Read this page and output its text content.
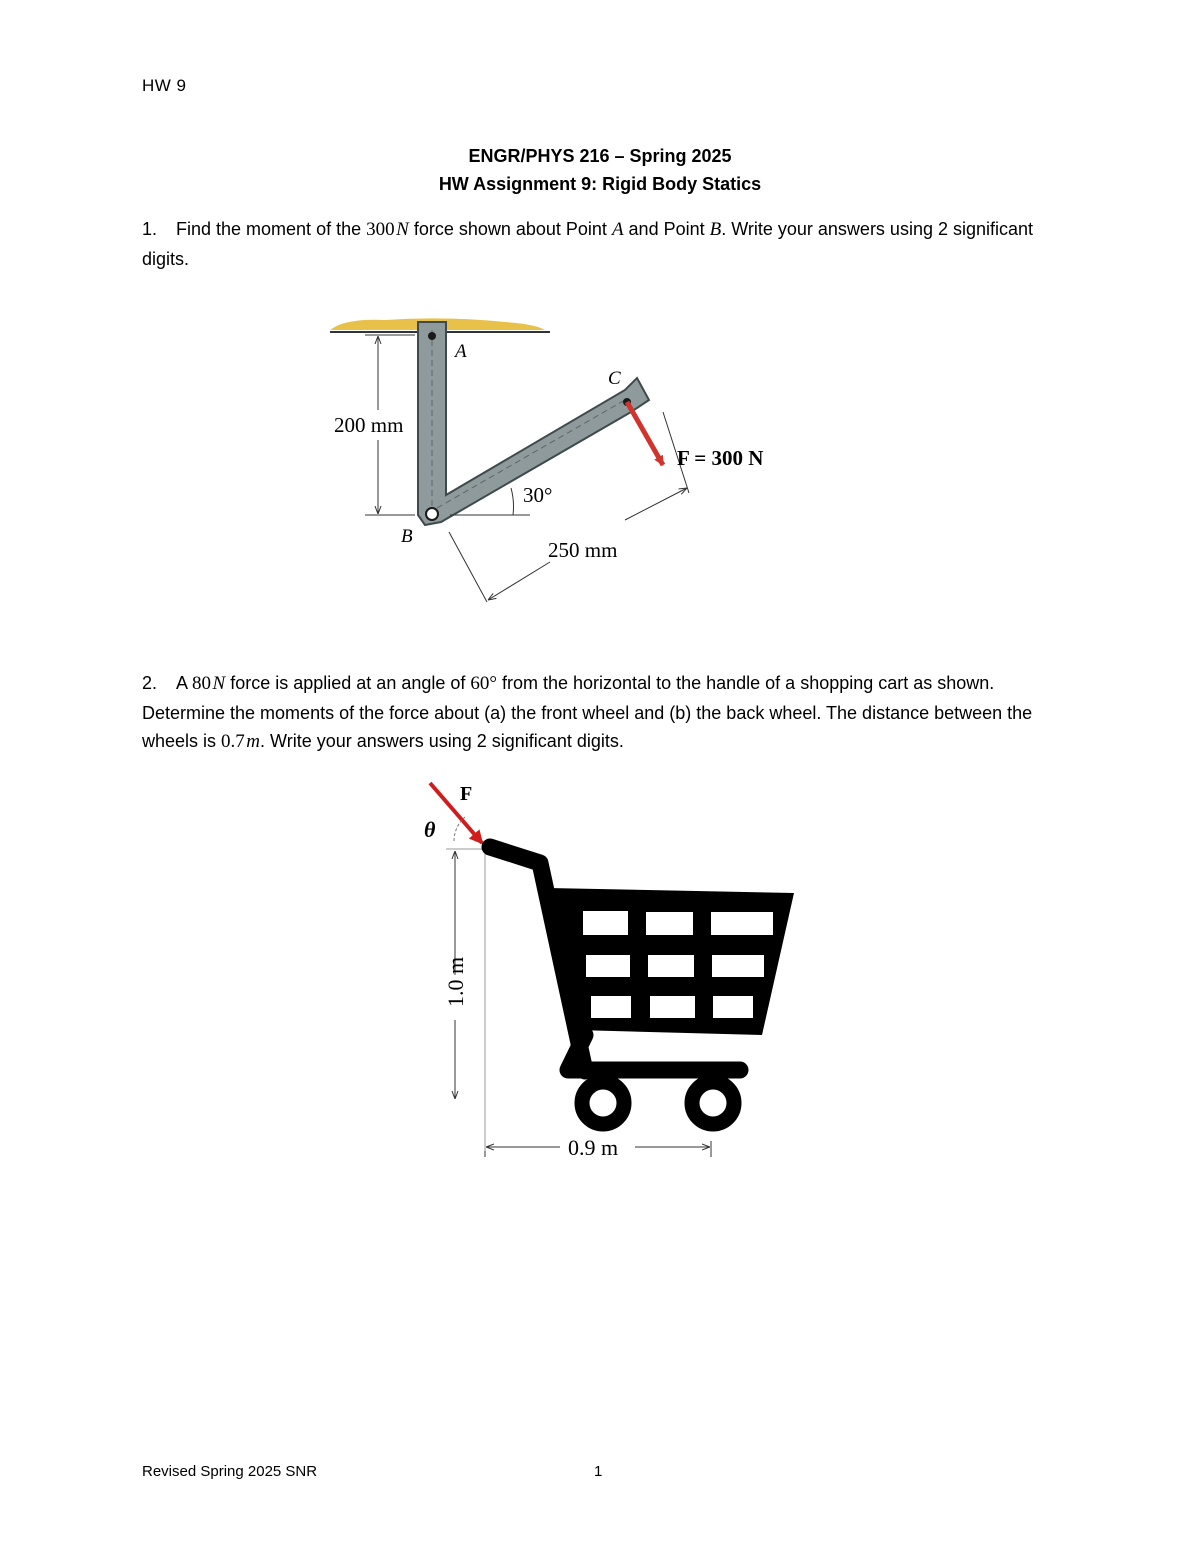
HW 9
ENGR/PHYS 216 – Spring 2025
HW Assignment 9: Rigid Body Statics
1. Find the moment of the 300 N force shown about Point A and Point B. Write your answers using 2 significant digits.
A
B
C
200 mm
30°
250 mm
F = 300 N
2. A 80 N force is applied at an angle of 60° from the horizontal to the handle of a shopping cart as shown. Determine the moments of the force about (a) the front wheel and (b) the back wheel. The distance between the wheels is 0.7 m. Write your answers using 2 significant digits.
F
θ
1.0 m
0.9 m
Revised Spring 2025 SNR	1
